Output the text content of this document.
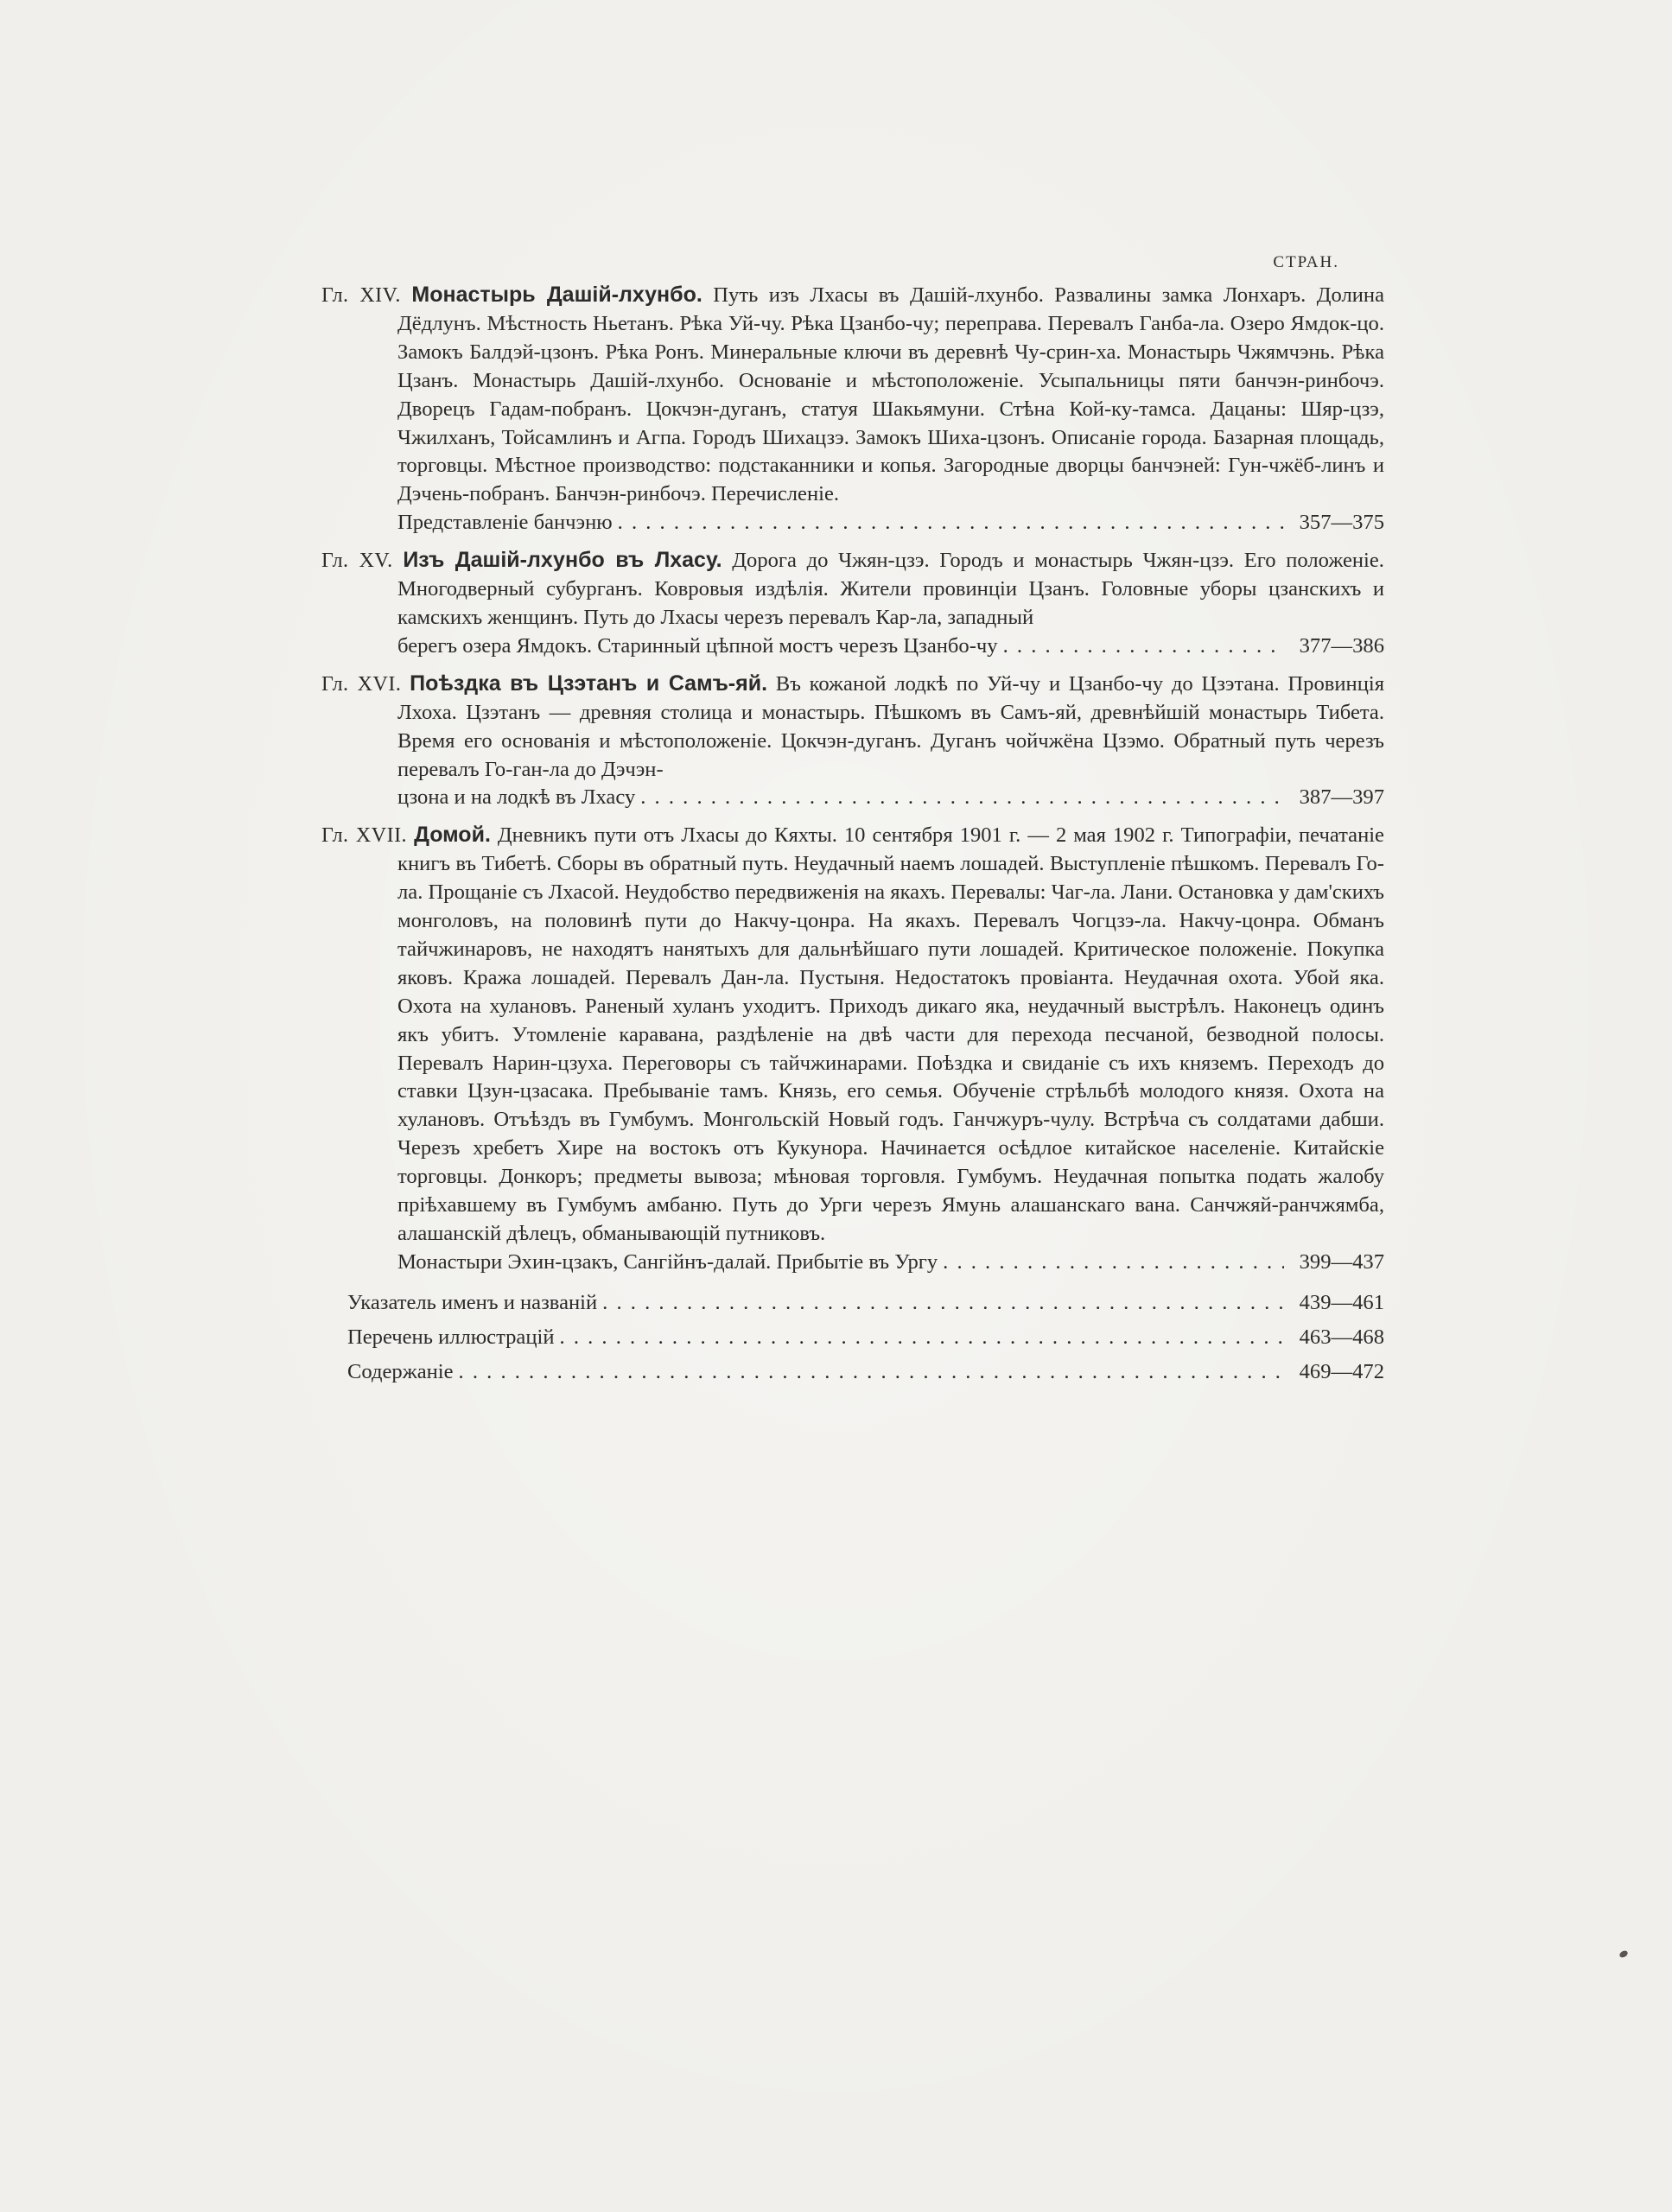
СТРАН.
Гл. XIV. Монастырь Дашій-лхунбо. Путь изъ Лхасы въ Дашій-лхунбо. Развалины замка Лонхаръ. Долина Дёдлунъ. Мѣстность Ньетанъ. Рѣка Уй-чу. Рѣка Цзанбо-чу; переправа. Перевалъ Ганба-ла. Озеро Ямдок-цо. Замокъ Балдэй-цзонъ. Рѣка Ронъ. Минеральные ключи въ деревнѣ Чу-срин-ха. Монастырь Чжямчэнь. Рѣка Цзанъ. Монастырь Дашій-лхунбо. Основаніе и мѣстоположеніе. Усыпальницы пяти банчэн-ринбочэ. Дворецъ Гадам-побранъ. Цокчэн-дуганъ, статуя Шакьямуни. Стѣна Кой-ку-тамса. Дацаны: Шяр-цзэ, Чжилханъ, Тойсамлинъ и Агпа. Городъ Шихацзэ. Замокъ Шиха-цзонъ. Описаніе города. Базарная площадь, торговцы. Мѣстное производство: подстаканники и копья. Загородные дворцы банчэней: Гун-чжёб-линъ и Дэчень-побранъ. Банчэн-ринбочэ. Перечисленіе.
Представленіе банчэню . . .	357—375
Гл. XV. Изъ Дашій-лхунбо въ Лхасу. Дорога до Чжян-цзэ. Городъ и монастырь Чжян-цзэ. Его положеніе. Многодверный субурганъ. Ковровыя издѣлія. Жители провинціи Цзанъ. Головные уборы цзанскихъ и камскихъ женщинъ. Путь до Лхасы черезъ перевалъ Кар-ла, западный
берегъ озера Ямдокъ. Старинный цѣпной мостъ черезъ Цзанбо-чу . . .	377—386
Гл. XVI. Поѣздка въ Цзэтанъ и Самъ-яй. Въ кожаной лодкѣ по Уй-чу и Цзанбо-чу до Цзэтана. Провинція Лхоха. Цзэтанъ — древняя столица и монастырь. Пѣшкомъ въ Самъ-яй, древнѣйшій монастырь Тибета. Время его основанія и мѣстоположеніе. Цокчэн-дуганъ. Дуганъ чойчжёна Цзэмо. Обратный путь черезъ перевалъ Го-ган-ла до Дэчэн-
цзона и на лодкѣ въ Лхасу . . .	387—397
Гл. XVII. Домой. Дневникъ пути отъ Лхасы до Кяхты. 10 сентября 1901 г. — 2 мая 1902 г. Типографіи, печатаніе книгъ въ Тибетѣ. Сборы въ обратный путь. Неудачный наемъ лошадей. Выступленіе пѣшкомъ. Перевалъ Го-ла. Прощаніе съ Лхасой. Неудобство передвиженія на якахъ. Перевалы: Чаг-ла. Лани. Остановка у дам'скихъ монголовъ, на половинѣ пути до Накчу-цонра. На якахъ. Перевалъ Чогцзэ-ла. Накчу-цонра. Обманъ тайчжинаровъ, не находятъ нанятыхъ для дальнѣйшаго пути лошадей. Критическое положеніе. Покупка яковъ. Кража лошадей. Перевалъ Дан-ла. Пустыня. Недостатокъ провіанта. Неудачная охота. Убой яка. Охота на хулановъ. Раненый хуланъ уходитъ. Приходъ дикаго яка, неудачный выстрѣлъ. Наконецъ одинъ якъ убитъ. Утомленіе каравана, раздѣленіе на двѣ части для перехода песчаной, безводной полосы. Перевалъ Нарин-цзуха. Переговоры съ тайчжинарами. Поѣздка и свиданіе съ ихъ княземъ. Переходъ до ставки Цзун-цзасака. Пребываніе тамъ. Князь, его семья. Обученіе стрѣльбѣ молодого князя. Охота на хулановъ. Отъѣздъ въ Гумбумъ. Монгольскій Новый годъ. Ганчжуръ-чулу. Встрѣча съ солдатами дабши. Черезъ хребетъ Хире на востокъ отъ Кукунора. Начинается осѣдлое китайское населеніе. Китайскіе торговцы. Донкоръ; предметы вывоза; мѣновая торговля. Гумбумъ. Неудачная попытка подать жалобу пріѣхавшему въ Гумбумъ амбаню. Путь до Урги черезъ Ямунь алашанскаго вана. Санчжяй-ранчжямба, алашанскій дѣлецъ, обманывающій путниковъ.
Монастыри Эхин-цзакъ, Сангійнъ-далай. Прибытіе въ Ургу . . .	399—437
Указатель именъ и названій . . .	439—461
Перечень иллюстрацій . . .	463—468
Содержаніе . . .	469—472
